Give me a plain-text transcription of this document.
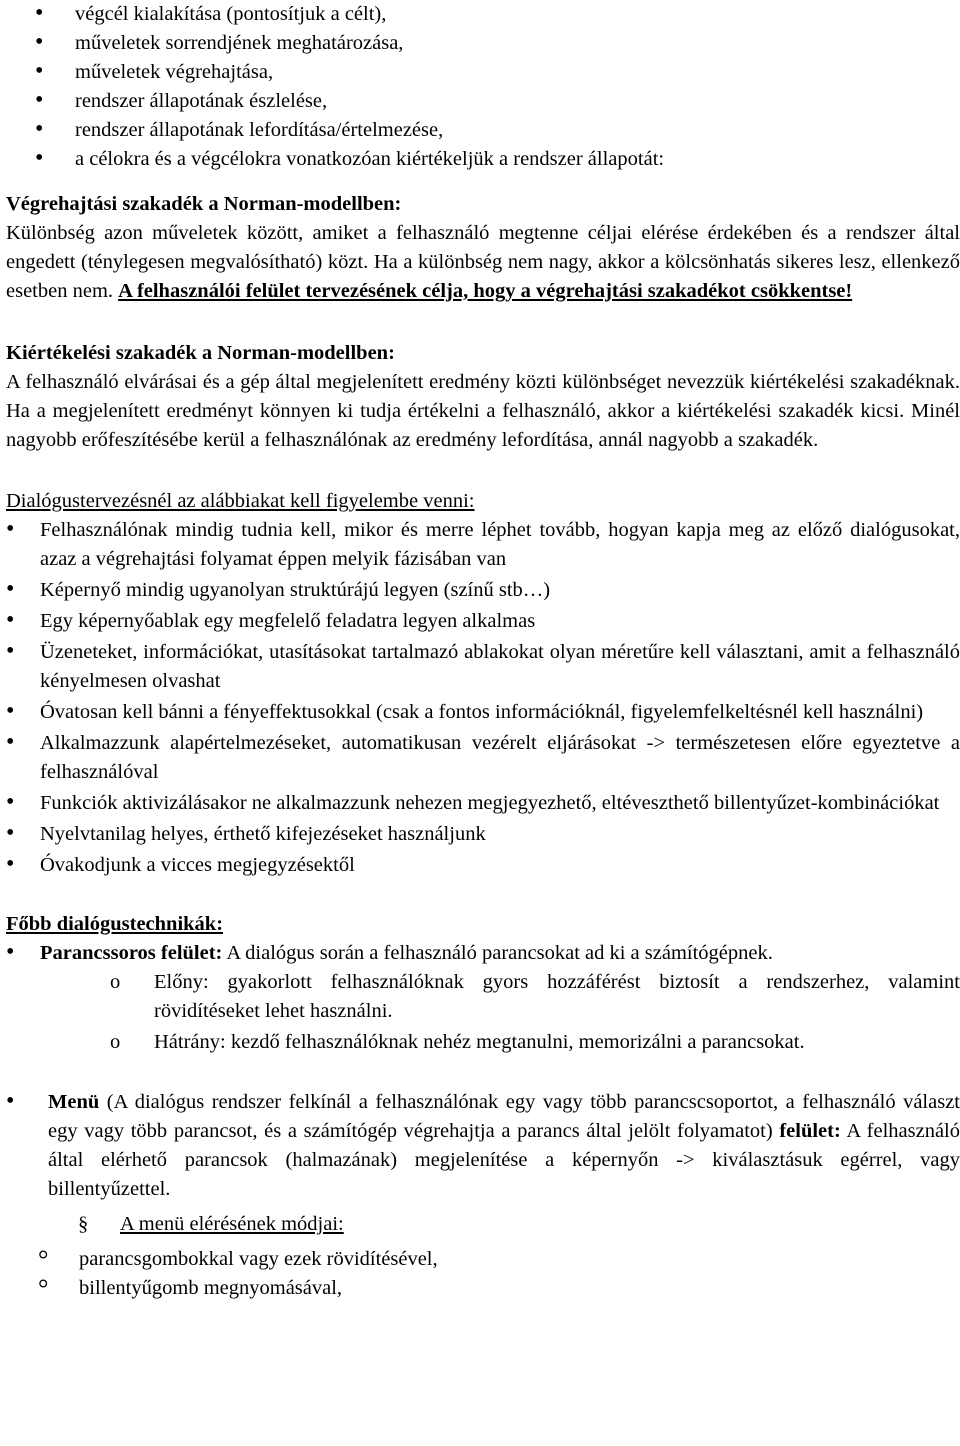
• végcél kialakítása (pontosítjuk a célt),
• műveletek sorrendjének meghatározása,
• műveletek végrehajtása,
• rendszer állapotának észlelése,
• rendszer állapotának lefordítása/értelmezése,
• a célokra és a végcélokra vonatkozóan kiértékeljük a rendszer állapotát:

Végrehajtási szakadék a Norman-modellben:

Különbség azon műveletek között, amiket a felhasználó megtenne céljai elérése érdekében és a rendszer által engedett (ténylegesen megvalósítható) közt. Ha a különbség nem nagy, akkor a kölcsönhatás sikeres lesz, ellenkező esetben nem. A felhasználói felület tervezésének célja, hogy a végrehajtási szakadékot csökkentse!

Kiértékelési szakadék a Norman-modellben:

A felhasználó elvárásai és a gép által megjelenített eredmény közti különbséget nevezzük kiértékelési szakadéknak. Ha a megjelenített eredményt könnyen ki tudja értékelni a felhasználó, akkor a kiértékelési szakadék kicsi. Minél nagyobb erőfeszítésébe kerül a felhasználónak az eredmény lefordítása, annál nagyobb a szakadék.

Dialógustervezésnél az alábbiakat kell figyelembe venni:

• Felhasználónak mindig tudnia kell, mikor és merre léphet tovább, hogyan kapja meg az előző dialógusokat, azaz a végrehajtási folyamat éppen melyik fázisában van
• Képernyő mindig ugyanolyan struktúrájú legyen (színű stb…)
• Egy képernyőablak egy megfelelő feladatra legyen alkalmas
• Üzeneteket, információkat, utasításokat tartalmazó ablakokat olyan méretűre kell választani, amit a felhasználó kényelmesen olvashat
• Óvatosan kell bánni a fényeffektusokkal (csak a fontos információknál, figyelemfelkeltésnél kell használni)
• Alkalmazzunk alapértelmezéseket, automatikusan vezérelt eljárásokat -> természetesen előre egyeztetve a felhasználóval
• Funkciók aktivizálásakor ne alkalmazzunk nehezen megjegyezhető, eltéveszthető billentyűzet-kombinációkat
• Nyelvtanilag helyes, érthető kifejezéseket használjunk
• Óvakodjunk a vicces megjegyzésektől

Főbb dialógustechnikák:

• Parancssoros felület: A dialógus során a felhasználó parancsokat ad ki a számítógépnek.
o Előny: gyakorlott felhasználóknak gyors hozzáférést biztosít a rendszerhez, valamint rövidítéseket lehet használni.
o Hátrány: kezdő felhasználóknak nehéz megtanulni, memorizálni a parancsokat.

• Menü (A dialógus rendszer felkínál a felhasználónak egy vagy több parancscsoportot, a felhasználó választ egy vagy több parancsot, és a számítógép végrehajtja a parancs által jelölt folyamatot) felület: A felhasználó által elérhető parancsok (halmazának) megjelenítése a képernyőn -> kiválasztásuk egérrel, vagy billentyűzettel.

§ A menü elérésének módjai:
° parancsgombokkal vagy ezek rövidítésével,
° billentyűgomb megnyomásával,
